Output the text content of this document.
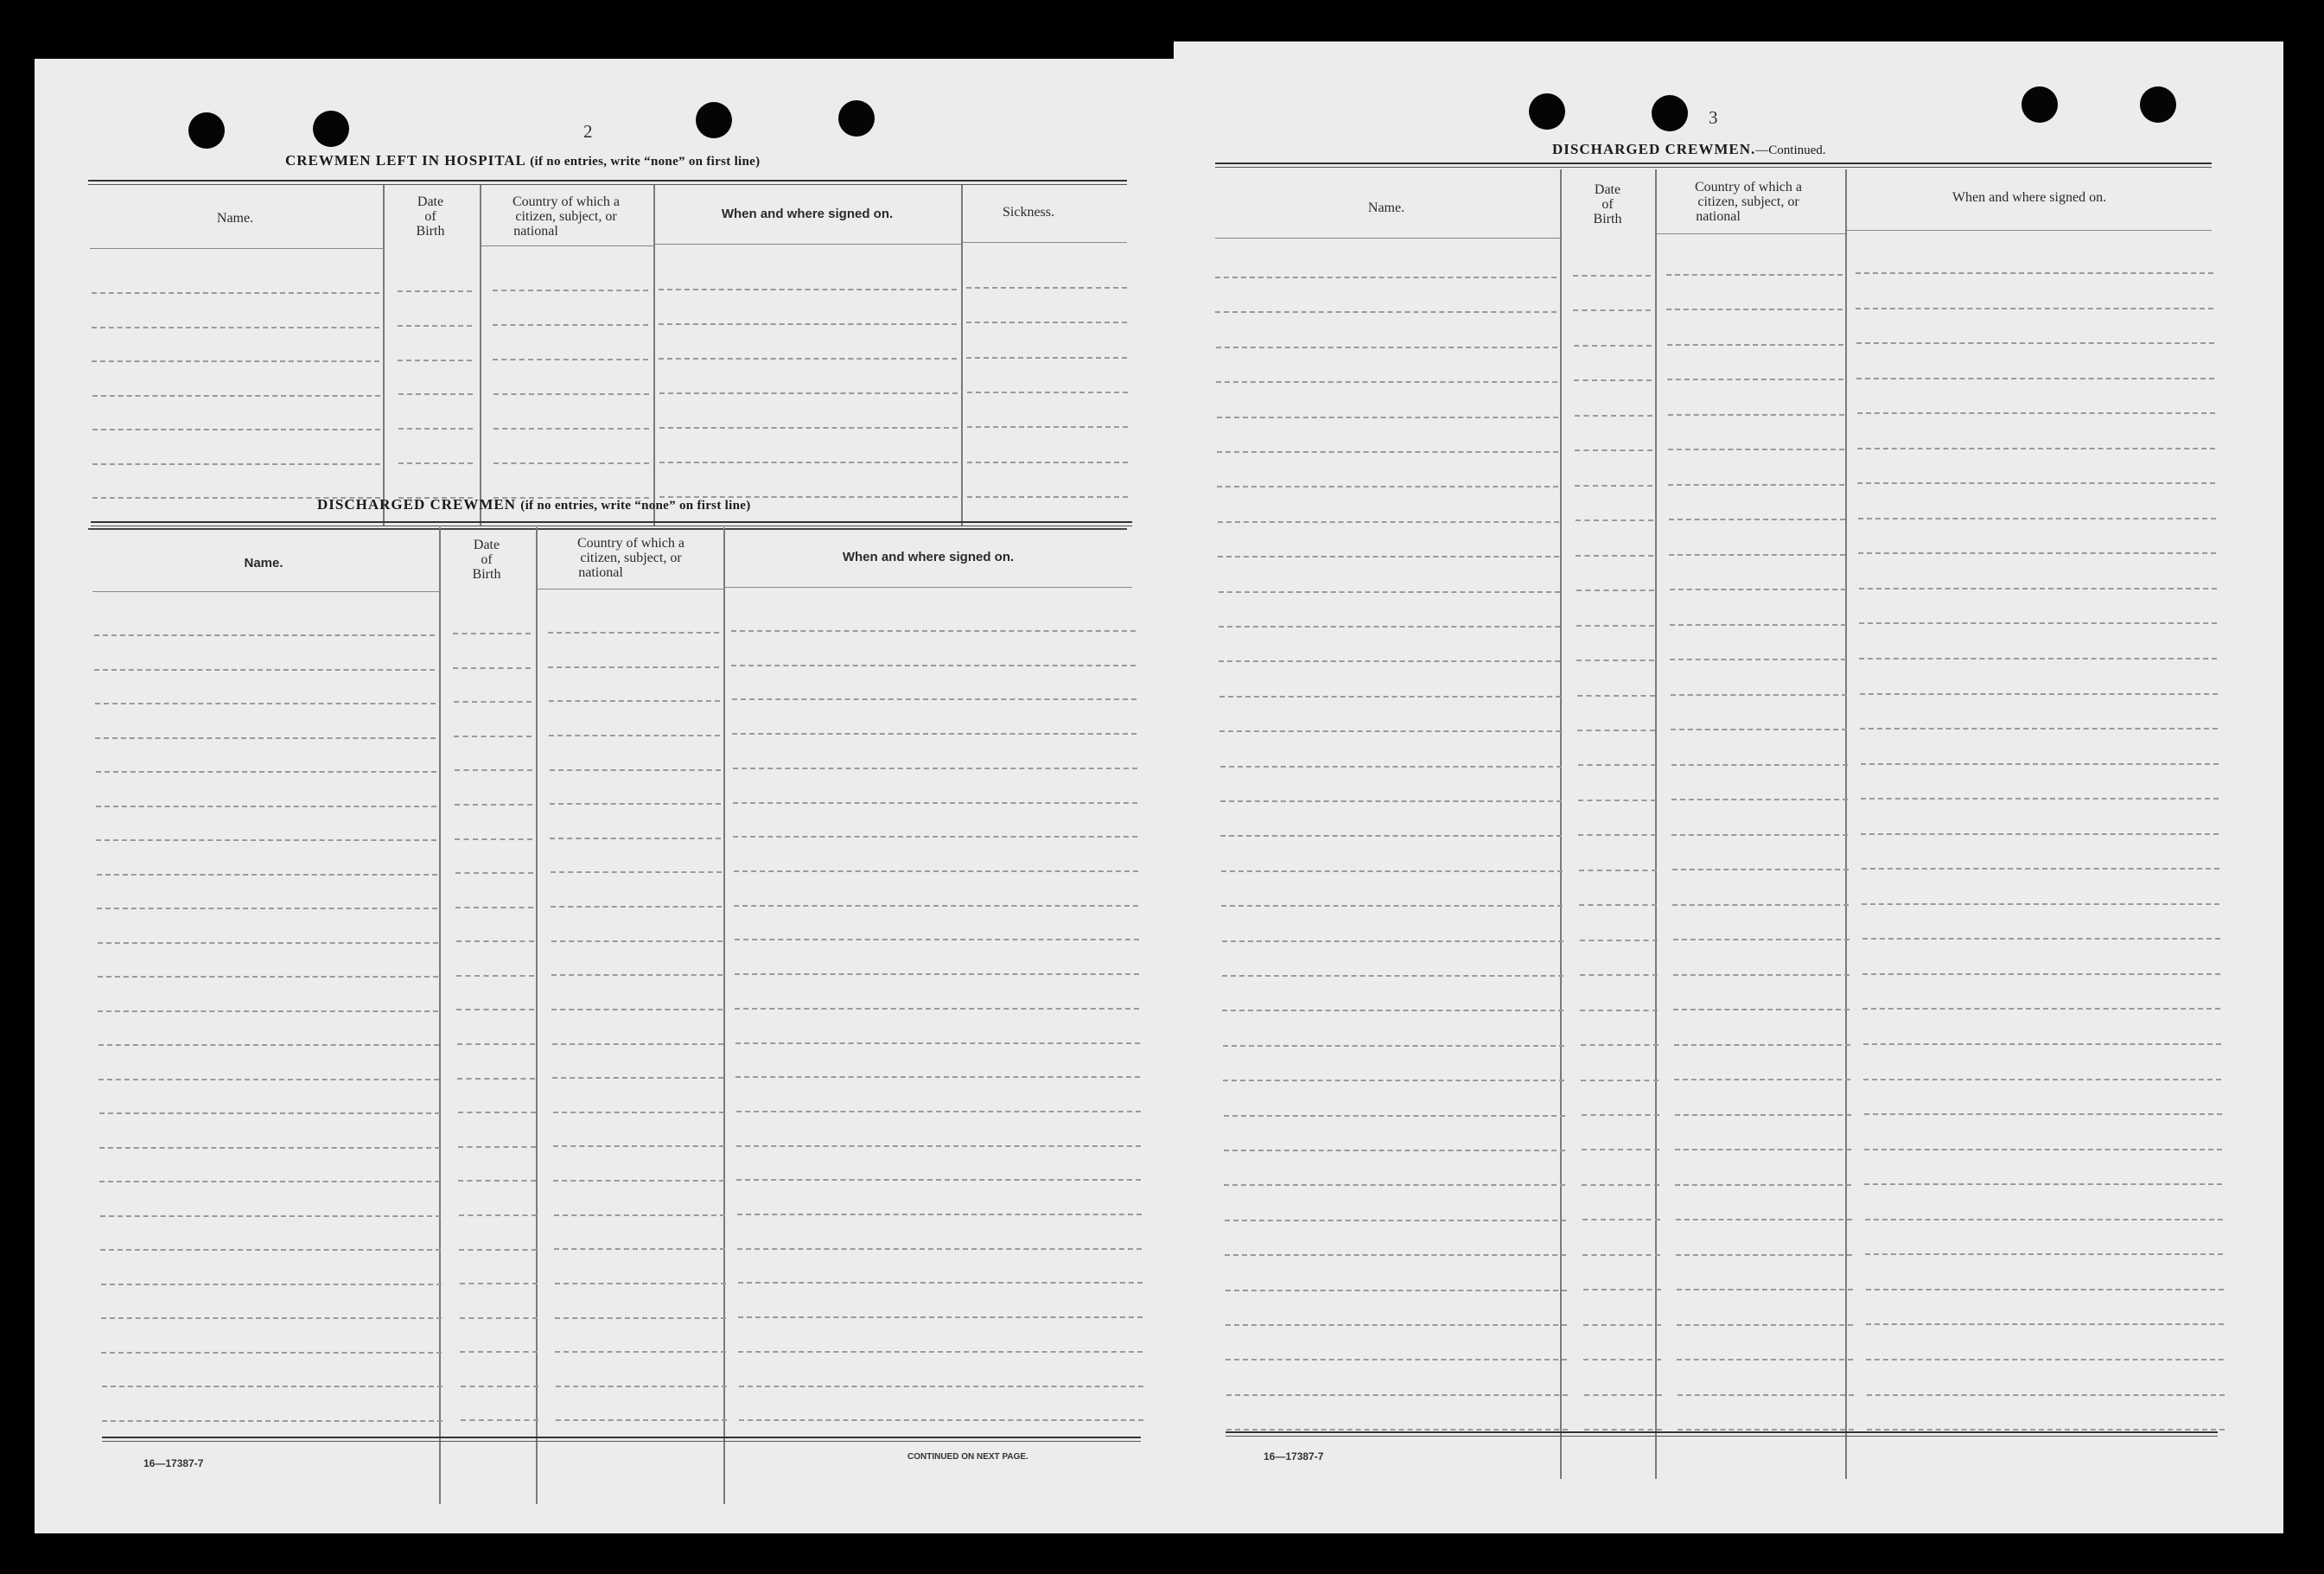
2
CREWMEN LEFT IN HOSPITAL (if no entries, write “none” on first line)
Name.
Date
of
Birth
Country of which a
citizen, subject, or
national
When and where signed on.	Sickness.
DISCHARGED CREWMEN (if no entries, write “none” on first line)
Name.
Date
of
Birth
Country of which a
citizen, subject, or
national
When and where signed on.
16—17387-7
CONTINUED ON NEXT PAGE.
3
DISCHARGED CREWMEN.—Continued.
Name.
Date
of
Birth
Country of which a
citizen, subject, or
national
When and where signed on.
16—17387-7
